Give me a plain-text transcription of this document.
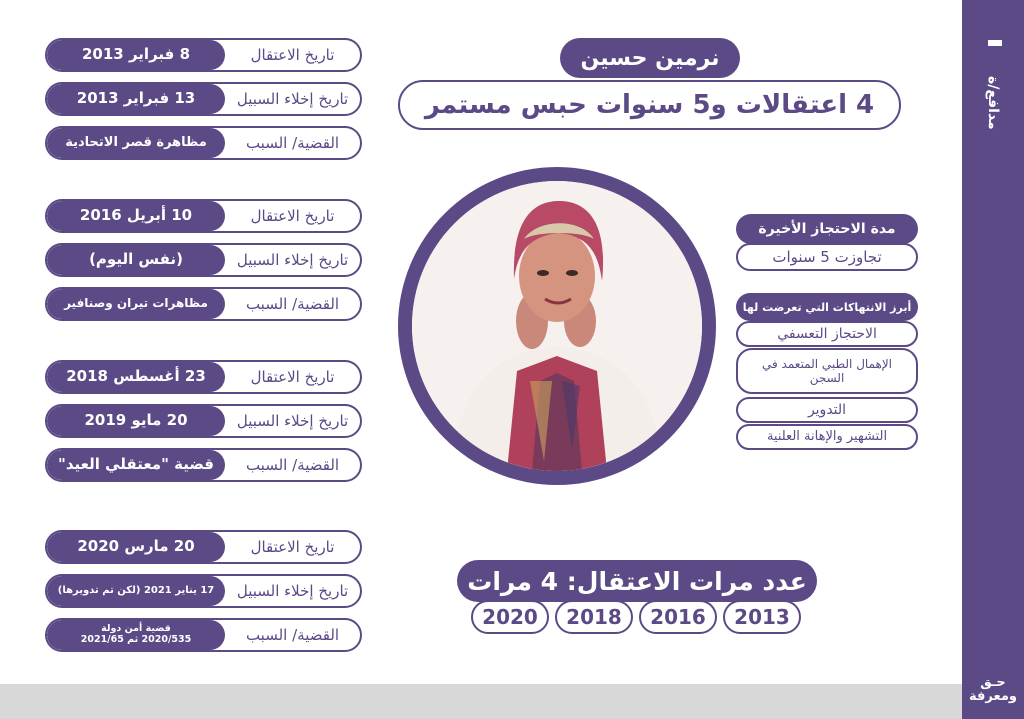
مدافع/ة
حـق
ومعرفة
نرمين حسين
4 اعتقالات و5 سنوات حبس مستمر
تاريخ الاعتقال
8 فبراير 2013
تاريخ إخلاء السبيل
13 فبراير 2013
القضية/ السبب
مظاهرة قصر الاتحادية
تاريخ الاعتقال
10 أبريل 2016
تاريخ إخلاء السبيل
(نفس اليوم)
القضية/ السبب
مظاهرات تيران وصنافير
تاريخ الاعتقال
23 أغسطس 2018
تاريخ إخلاء السبيل
20 مايو 2019
القضية/ السبب
قضية "معتقلي العيد"
تاريخ الاعتقال
20 مارس 2020
تاريخ إخلاء السبيل
17 يناير 2021 (لكن تم تدويرها)
القضية/ السبب
قضية أمن دولة 2020/535 ثم 2021/65
مدة الاحتجاز الأخيرة
تجاوزت 5 سنوات
أبرز الانتهاكات التي تعرضت لها
الاحتجاز التعسفي
الإهمال الطبي المتعمد في السجن
التدوير
التشهير والإهانة العلنية
عدد مرات الاعتقال: 4 مرات
2020	2018	2016	2013
